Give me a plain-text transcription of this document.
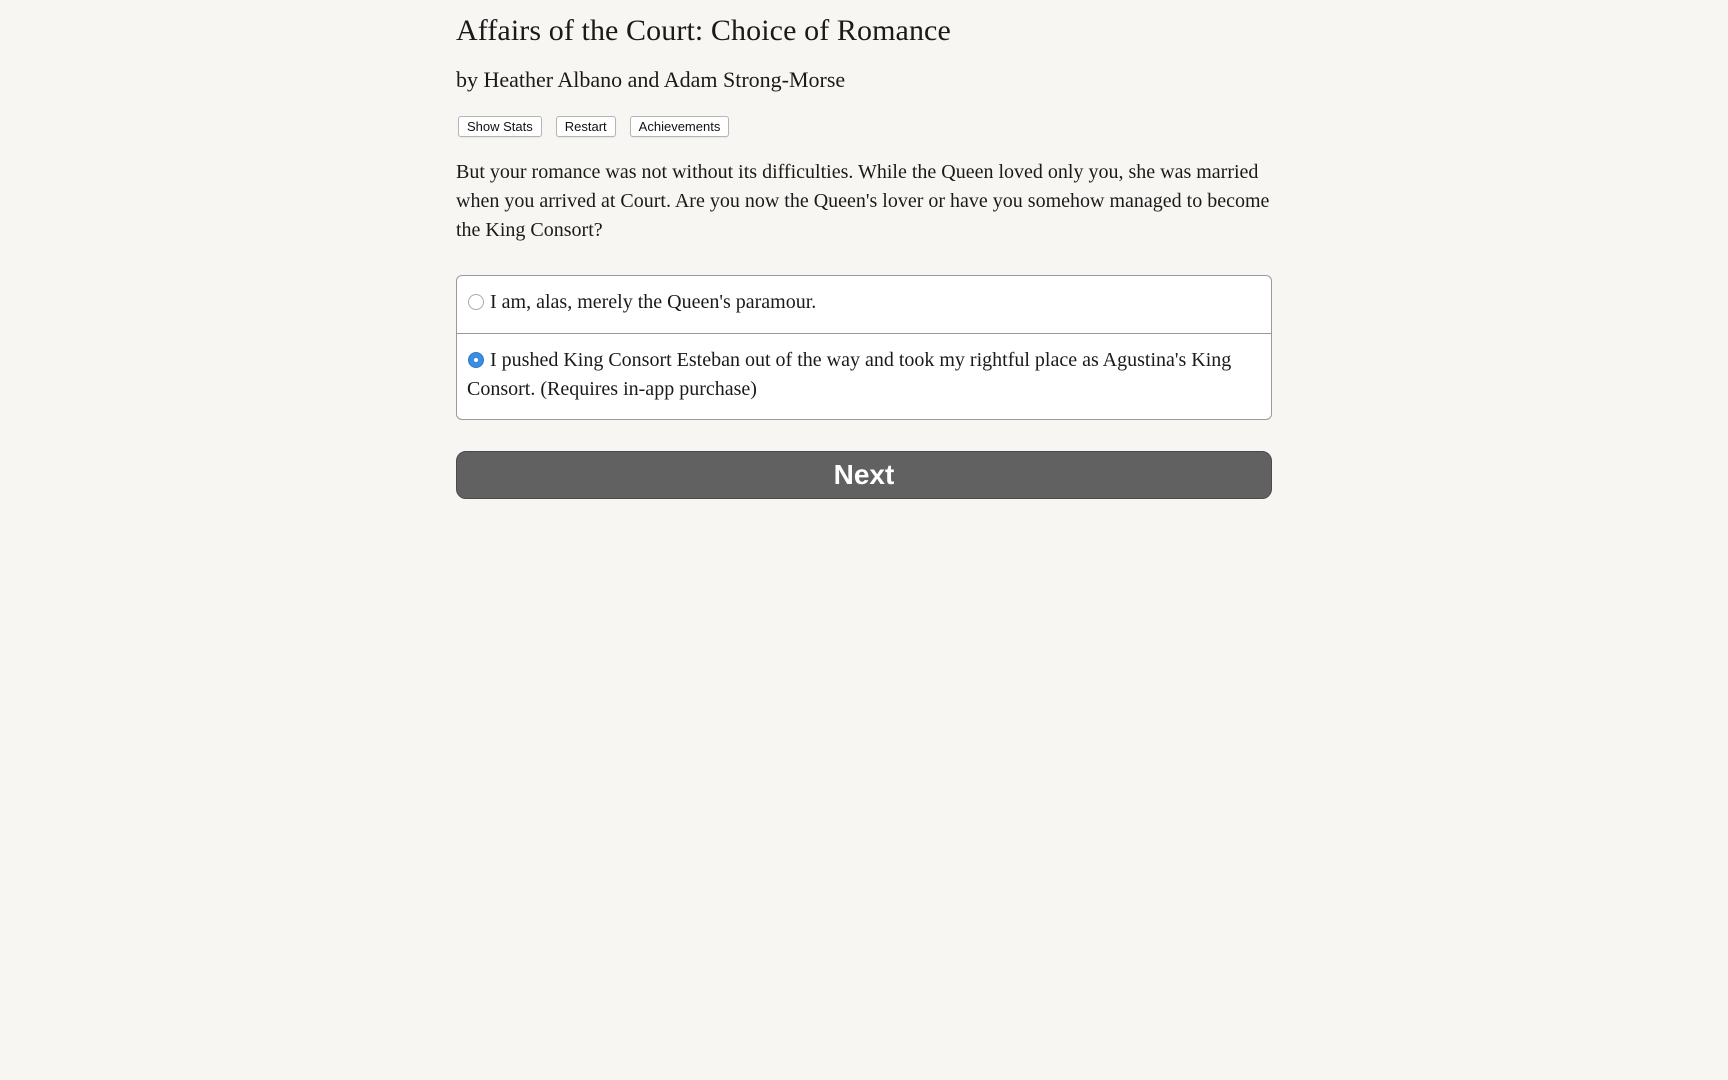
Affairs of the Court: Choice of Romance
by Heather Albano and Adam Strong-Morse
Show Stats	Restart	Achievements

But your romance was not without its difficulties. While the Queen loved only you, she was married when you arrived at Court. Are you now the Queen's lover or have you somehow managed to become the King Consort?

I am, alas, merely the Queen's paramour.
I pushed King Consort Esteban out of the way and took my rightful place as Agustina's King Consort. (Requires in-app purchase)
Next
